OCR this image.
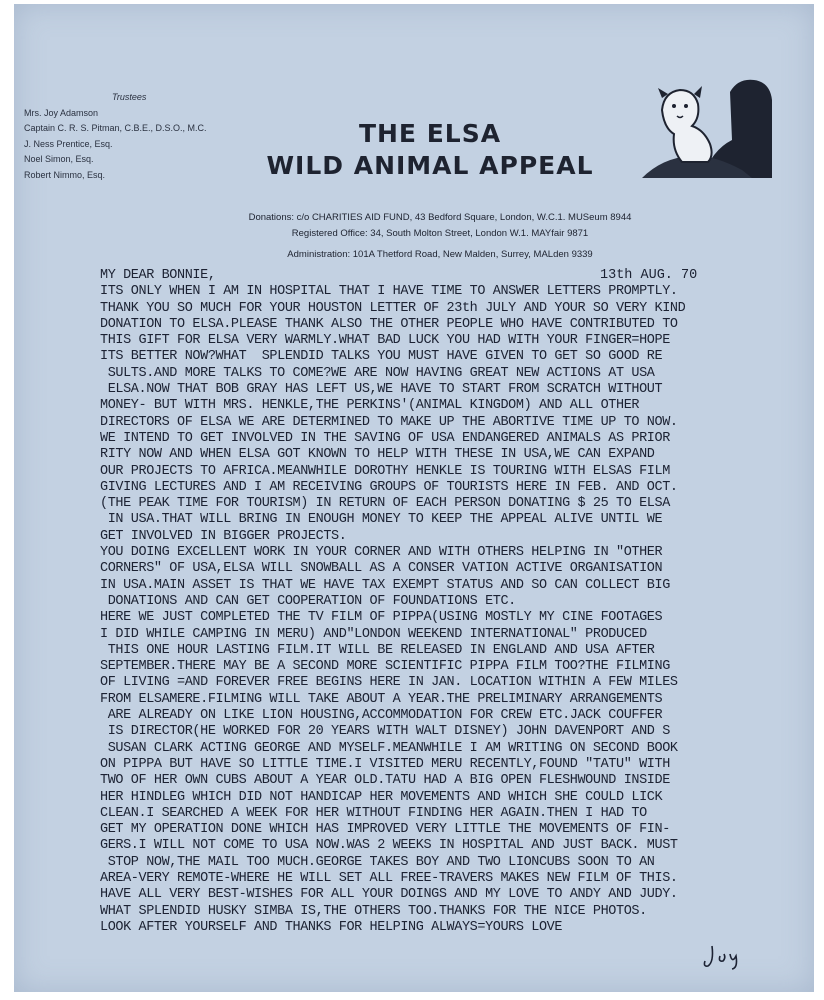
Trustees
Mrs. Joy Adamson
Captain C. R. S. Pitman, C.B.E., D.S.O., M.C.
J. Ness Prentice, Esq.
Noel Simon, Esq.
Robert Nimmo, Esq.
THE ELSA
WILD ANIMAL APPEAL
Donations: c/o CHARITIES AID FUND, 43 Bedford Square, London, W.C.1. MUSeum 8944
Registered Office: 34, South Molton Street, London W.1. MAYfair 9871
Administration: 101A Thetford Road, New Malden, Surrey, MALden 9339
13th AUG. 70
MY DEAR BONNIE,
ITS ONLY WHEN I AM IN HOSPITAL THAT I HAVE TIME TO ANSWER LETTERS PROMPTLY.
THANK YOU SO MUCH FOR YOUR HOUSTON LETTER OF 23th JULY AND YOUR SO VERY KIND
DONATION TO ELSA.PLEASE THANK ALSO THE OTHER PEOPLE WHO HAVE CONTRIBUTED TO
THIS GIFT FOR ELSA VERY WARMLY.WHAT BAD LUCK YOU HAD WITH YOUR FINGER=HOPE
ITS BETTER NOW?WHAT  SPLENDID TALKS YOU MUST HAVE GIVEN TO GET SO GOOD RE
SULTS.AND MORE TALKS TO COME?WE ARE NOW HAVING GREAT NEW ACTIONS AT USA
ELSA.NOW THAT BOB GRAY HAS LEFT US,WE HAVE TO START FROM SCRATCH WITHOUT
MONEY- BUT WITH MRS. HENKLE,THE PERKINS'(ANIMAL KINGDOM) AND ALL OTHER
DIRECTORS OF ELSA WE ARE DETERMINED TO MAKE UP THE ABORTIVE TIME UP TO NOW.
WE INTEND TO GET INVOLVED IN THE SAVING OF USA ENDANGERED ANIMALS AS PRIOR
RITY NOW AND WHEN ELSA GOT KNOWN TO HELP WITH THESE IN USA,WE CAN EXPAND
OUR PROJECTS TO AFRICA.MEANWHILE DOROTHY HENKLE IS TOURING WITH ELSAS FILM
GIVING LECTURES AND I AM RECEIVING GROUPS OF TOURISTS HERE IN FEB. AND OCT.
(THE PEAK TIME FOR TOURISM) IN RETURN OF EACH PERSON DONATING $ 25 TO ELSA
IN USA.THAT WILL BRING IN ENOUGH MONEY TO KEEP THE APPEAL ALIVE UNTIL WE
GET INVOLVED IN BIGGER PROJECTS.
YOU DOING EXCELLENT WORK IN YOUR CORNER AND WITH OTHERS HELPING IN "OTHER
CORNERS" OF USA,ELSA WILL SNOWBALL AS A CONSER VATION ACTIVE ORGANISATION
IN USA.MAIN ASSET IS THAT WE HAVE TAX EXEMPT STATUS AND SO CAN COLLECT BIG
DONATIONS AND CAN GET COOPERATION OF FOUNDATIONS ETC.
HERE WE JUST COMPLETED THE TV FILM OF PIPPA(USING MOSTLY MY CINE FOOTAGES
I DID WHILE CAMPING IN MERU) AND"LONDON WEEKEND INTERNATIONAL" PRODUCED
THIS ONE HOUR LASTING FILM.IT WILL BE RELEASED IN ENGLAND AND USA AFTER
SEPTEMBER.THERE MAY BE A SECOND MORE SCIENTIFIC PIPPA FILM TOO?THE FILMING
OF LIVING =AND FOREVER FREE BEGINS HERE IN JAN. LOCATION WITHIN A FEW MILES
FROM ELSAMERE.FILMING WILL TAKE ABOUT A YEAR.THE PRELIMINARY ARRANGEMENTS
ARE ALREADY ON LIKE LION HOUSING,ACCOMMODATION FOR CREW ETC.JACK COUFFER
IS DIRECTOR(HE WORKED FOR 20 YEARS WITH WALT DISNEY) JOHN DAVENPORT AND S
SUSAN CLARK ACTING GEORGE AND MYSELF.MEANWHILE I AM WRITING ON SECOND BOOK
ON PIPPA BUT HAVE SO LITTLE TIME.I VISITED MERU RECENTLY,FOUND "TATU" WITH
TWO OF HER OWN CUBS ABOUT A YEAR OLD.TATU HAD A BIG OPEN FLESHWOUND INSIDE
HER HINDLEG WHICH DID NOT HANDICAP HER MOVEMENTS AND WHICH SHE COULD LICK
CLEAN.I SEARCHED A WEEK FOR HER WITHOUT FINDING HER AGAIN.THEN I HAD TO
GET MY OPERATION DONE WHICH HAS IMPROVED VERY LITTLE THE MOVEMENTS OF FIN-
GERS.I WILL NOT COME TO USA NOW.WAS 2 WEEKS IN HOSPITAL AND JUST BACK. MUST
STOP NOW,THE MAIL TOO MUCH.GEORGE TAKES BOY AND TWO LIONCUBS SOON TO AN
AREA-VERY REMOTE-WHERE HE WILL SET ALL FREE-TRAVERS MAKES NEW FILM OF THIS.
HAVE ALL VERY BEST-WISHES FOR ALL YOUR DOINGS AND MY LOVE TO ANDY AND JUDY.
WHAT SPLENDID HUSKY SIMBA IS,THE OTHERS TOO.THANKS FOR THE NICE PHOTOS.
LOOK AFTER YOURSELF AND THANKS FOR HELPING ALWAYS=YOURS LOVE
